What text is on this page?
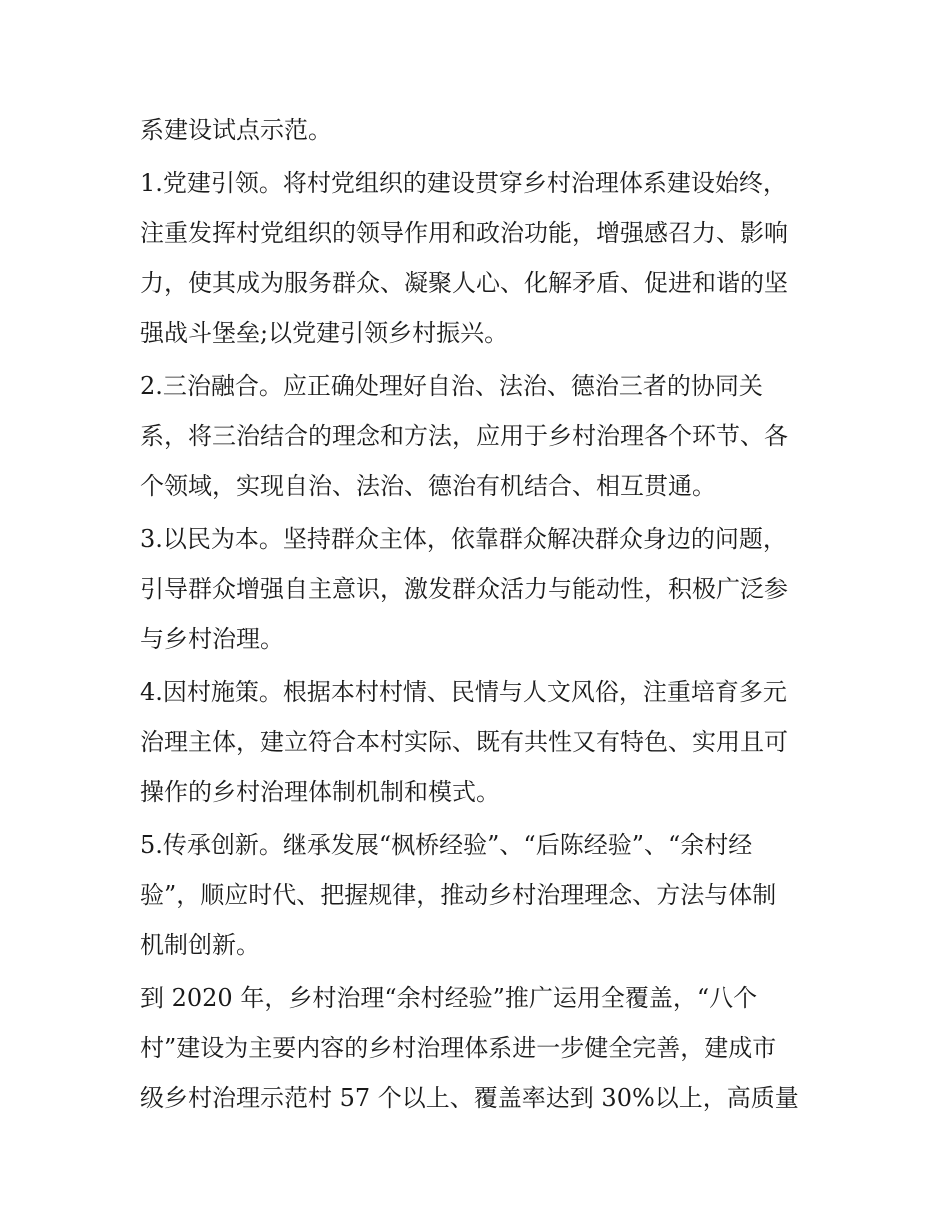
系建设试点示范。
1.党建引领。将村党组织的建设贯穿乡村治理体系建设始终，
注重发挥村党组织的领导作用和政治功能，增强感召力、影响
力，使其成为服务群众、凝聚人心、化解矛盾、促进和谐的坚
强战斗堡垒;以党建引领乡村振兴。
2.三治融合。应正确处理好自治、法治、德治三者的协同关
系，将三治结合的理念和方法，应用于乡村治理各个环节、各
个领域，实现自治、法治、德治有机结合、相互贯通。
3.以民为本。坚持群众主体，依靠群众解决群众身边的问题，
引导群众增强自主意识，激发群众活力与能动性，积极广泛参
与乡村治理。
4.因村施策。根据本村村情、民情与人文风俗，注重培育多元
治理主体，建立符合本村实际、既有共性又有特色、实用且可
操作的乡村治理体制机制和模式。
5.传承创新。继承发展“枫桥经验”、“后陈经验”、“余村经
验”，顺应时代、把握规律，推动乡村治理理念、方法与体制
机制创新。
到 2020 年，乡村治理“余村经验”推广运用全覆盖，“八个
村”建设为主要内容的乡村治理体系进一步健全完善，建成市
级乡村治理示范村 57 个以上、覆盖率达到 30%以上，高质量
